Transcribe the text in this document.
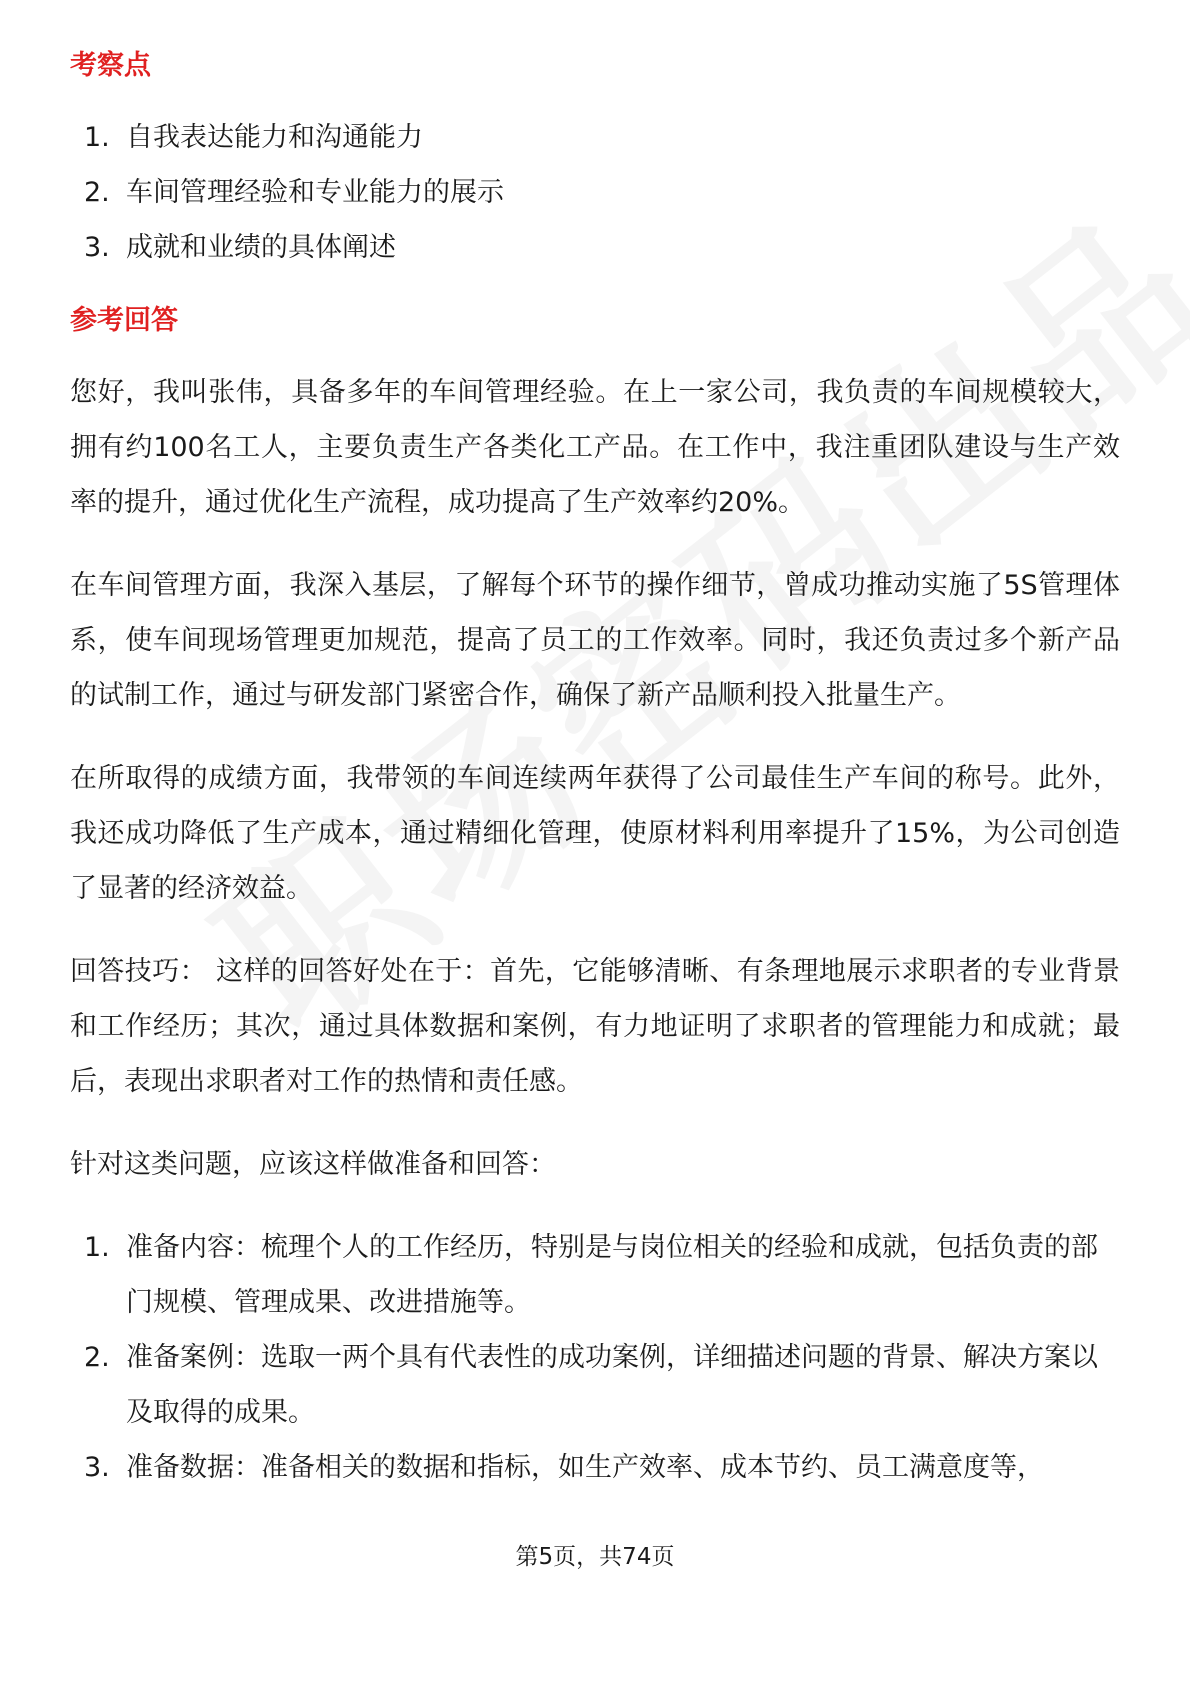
考察点
1. 自我表达能力和沟通能力
2. 车间管理经验和专业能力的展示
3. 成就和业绩的具体阐述
参考回答

您好，我叫张伟，具备多年的车间管理经验。在上一家公司，我负责的车间规模较大，拥有约100名工人，主要负责生产各类化工产品。在工作中，我注重团队建设与生产效率的提升，通过优化生产流程，成功提高了生产效率约20%。

在车间管理方面，我深入基层，了解每个环节的操作细节，曾成功推动实施了5S管理体系，使车间现场管理更加规范，提高了员工的工作效率。同时，我还负责过多个新产品的试制工作，通过与研发部门紧密合作，确保了新产品顺利投入批量生产。

在所取得的成绩方面，我带领的车间连续两年获得了公司最佳生产车间的称号。此外，我还成功降低了生产成本，通过精细化管理，使原材料利用率提升了15%，为公司创造了显著的经济效益。

回答技巧： 这样的回答好处在于：首先，它能够清晰、有条理地展示求职者的专业背景和工作经历；其次，通过具体数据和案例，有力地证明了求职者的管理能力和成就；最后，表现出求职者对工作的热情和责任感。

针对这类问题，应该这样做准备和回答：

1. 准备内容：梳理个人的工作经历，特别是与岗位相关的经验和成就，包括负责的部门规模、管理成果、改进措施等。
2. 准备案例：选取一两个具有代表性的成功案例，详细描述问题的背景、解决方案以及取得的成果。
3. 准备数据：准备相关的数据和指标，如生产效率、成本节约、员工满意度等，
第5页，共74页
